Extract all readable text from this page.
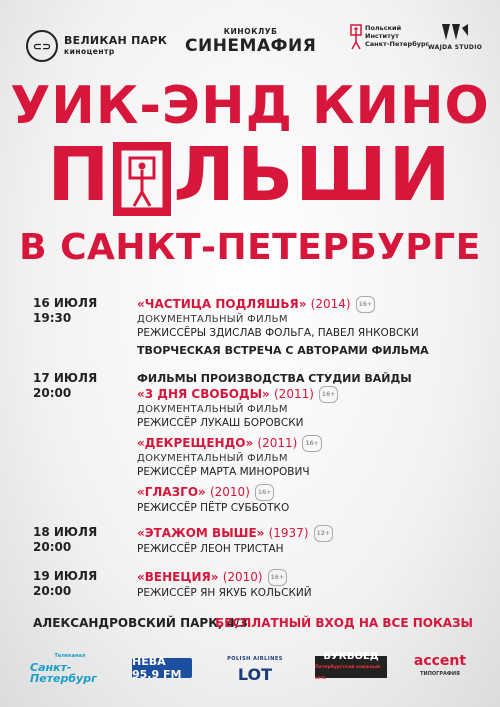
⊂⊃	ВЕЛИКАН ПАРК
киноцентр
КИНОКЛУБ
СИНЕМАФИЯ
Польский
Институт
Санкт-Петербург
WAJDA STUDIO
УИК-ЭНД КИНО
П ЛЬШИ
В САНКТ-ПЕТЕРБУРГЕ
16 ИЮЛЯ
19:30
«ЧАСТИЦА ПОДЛЯШЬЯ» (2014) 16+
ДОКУМЕНТАЛЬНЫЙ ФИЛЬМ
РЕЖИССЁРЫ ЗДИСЛАВ ФОЛЬГА, ПАВЕЛ ЯНКОВСКИ
ТВОРЧЕСКАЯ ВСТРЕЧА С АВТОРАМИ ФИЛЬМА
17 ИЮЛЯ
20:00
ФИЛЬМЫ ПРОИЗВОДСТВА СТУДИИ ВАЙДЫ
«3 ДНЯ СВОБОДЫ» (2011) 16+
ДОКУМЕНТАЛЬНЫЙ ФИЛЬМ
РЕЖИССЁР ЛУКАШ БОРОВСКИ
«ДЕКРЕЩЕНДО» (2011) 16+
ДОКУМЕНТАЛЬНЫЙ ФИЛЬМ
РЕЖИССЁР МАРТА МИНОРОВИЧ
«ГЛАЗГО» (2010) 16+
РЕЖИССЁР ПЁТР СУББОТКО
18 ИЮЛЯ
20:00
«ЭТАЖОМ ВЫШЕ» (1937) 12+
РЕЖИССЁР ЛЕОН ТРИСТАН
19 ИЮЛЯ
20:00
«ВЕНЕЦИЯ» (2010) 16+
РЕЖИССЁР ЯН ЯКУБ КОЛЬСКИЙ
АЛЕКСАНДРОВСКИЙ ПАРК, 4/3
БЕСПЛАТНЫЙ ВХОД НА ВСЕ ПОКАЗЫ
Телеканал
Санкт-Петербург
НЕВА 95.9 FM
POLISH AIRLINES
LOT
БУКВОЕД
Петербургский книжный сеть
accent
ТИПОГРАФИЯ
